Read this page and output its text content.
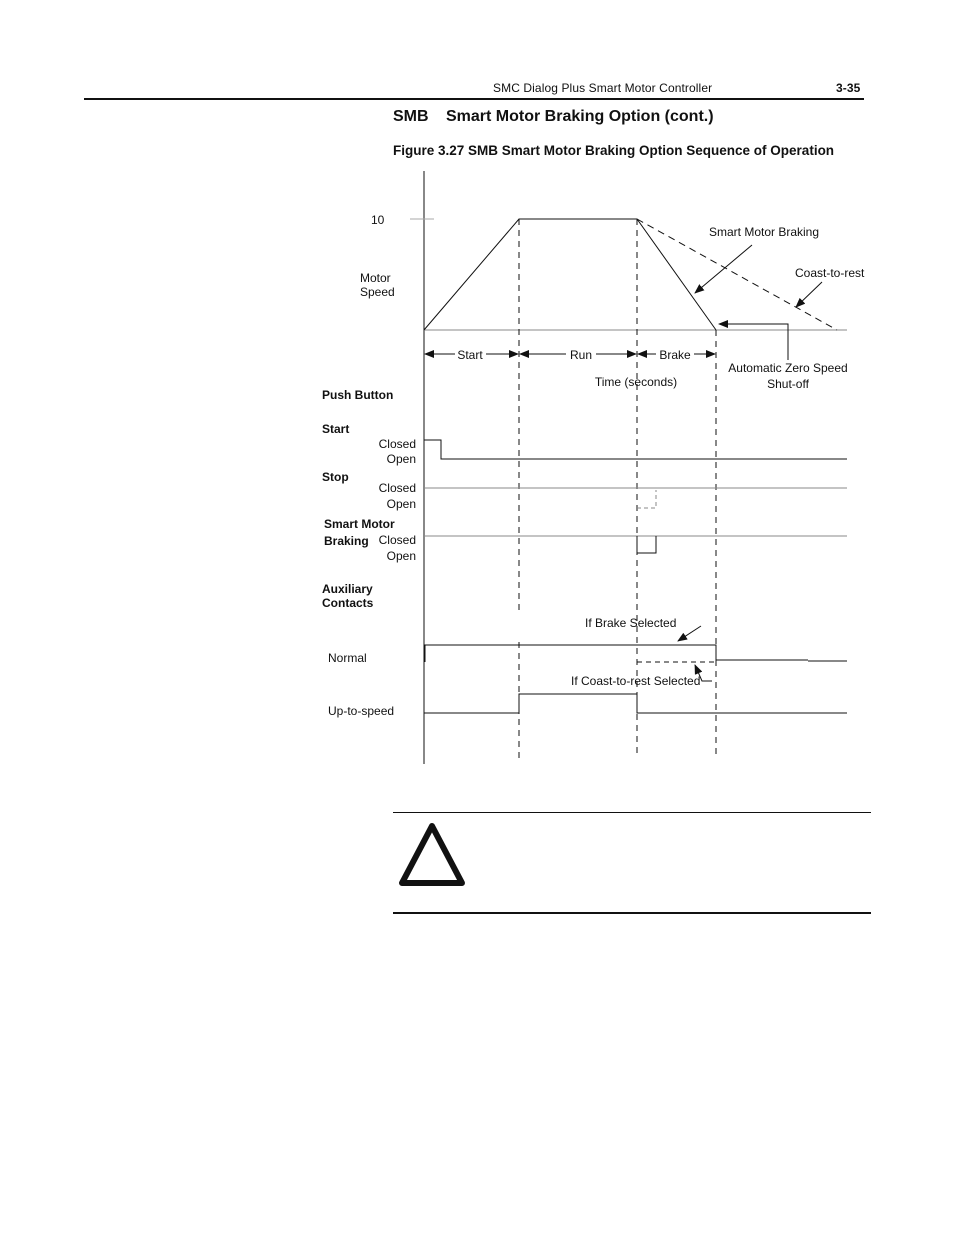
SMC Dialog Plus Smart Motor Controller	3-35
SMB Smart Motor Braking Option (cont.)
Figure 3.27 SMB Smart Motor Braking Option Sequence of Operation
10
Motor
Speed
Smart Motor Braking
Coast-to-rest
Start	Run	Brake
Time (seconds)
Automatic Zero Speed
Shut-off
Push Button
Start
Closed
Open
Stop
Closed
Open
Smart Motor
Braking Closed
Open
Auxiliary
Contacts
If Brake Selected
Normal
If Coast-to-rest Selected
Up-to-speed
